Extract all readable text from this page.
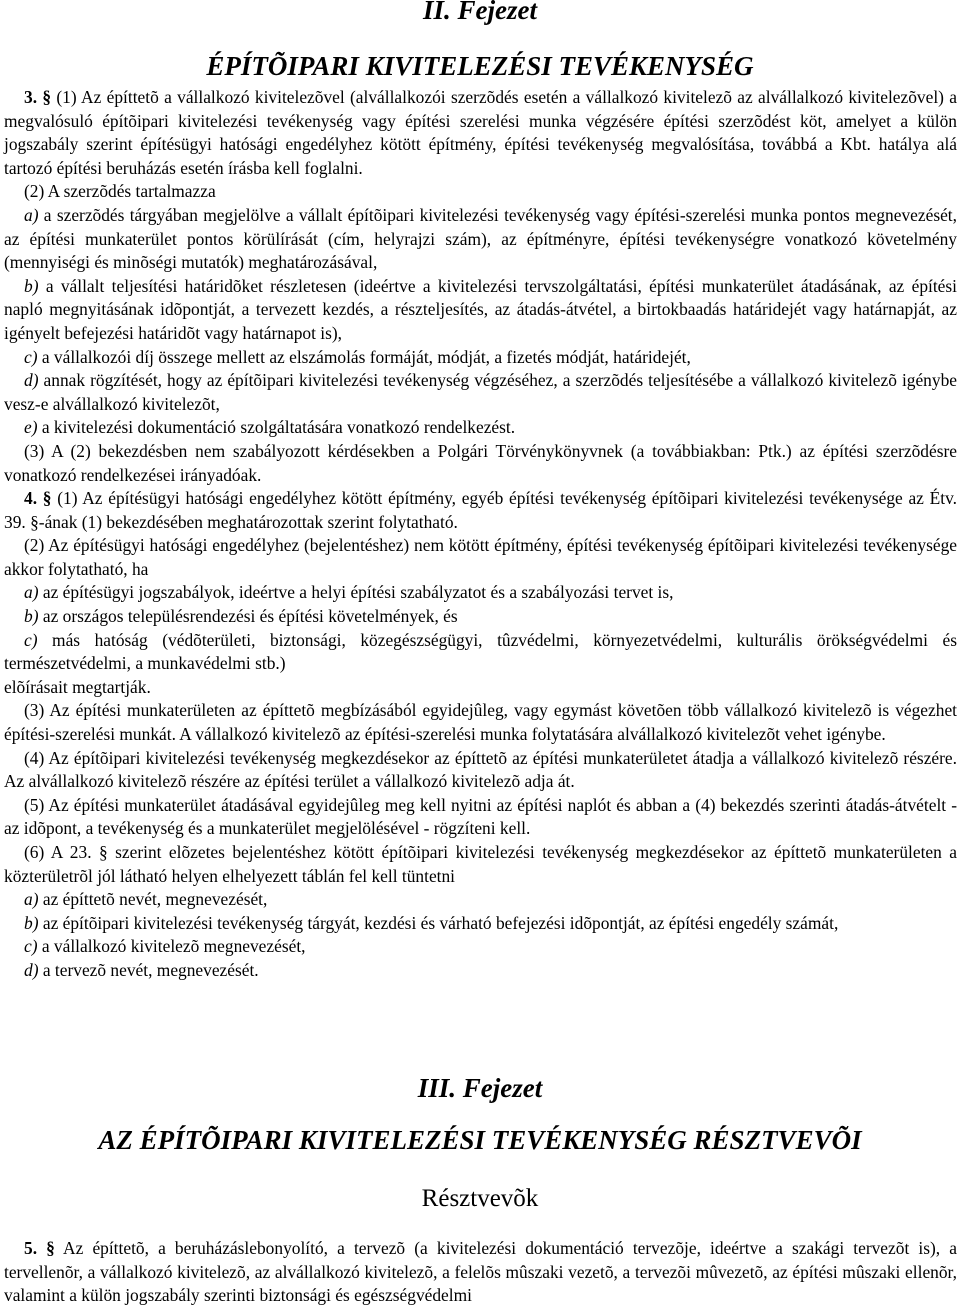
II. Fejezet
ÉPÍTÕIPARI KIVITELEZÉSI TEVÉKENYSÉG

3. § (1) Az építtetõ a vállalkozó kivitelezõvel (alvállalkozói szerzõdés esetén a vállalkozó kivitelezõ az alvállalkozó kivitelezõvel) a megvalósuló építõipari kivitelezési tevékenység vagy építési szerelési munka végzésére építési szerzõdést köt, amelyet a külön jogszabály szerint építésügyi hatósági engedélyhez kötött építmény, építési tevékenység megvalósítása, továbbá a Kbt. hatálya alá tartozó építési beruházás esetén írásba kell foglalni.

(2) A szerzõdés tartalmazza

a) a szerzõdés tárgyában megjelölve a vállalt építõipari kivitelezési tevékenység vagy építési-szerelési munka pontos megnevezését, az építési munkaterület pontos körülírását (cím, helyrajzi szám), az építményre, építési tevékenységre vonatkozó követelmény (mennyiségi és minõségi mutatók) meghatározásával,

b) a vállalt teljesítési határidõket részletesen (ideértve a kivitelezési tervszolgáltatási, építési munkaterület átadásának, az építési napló megnyitásának idõpontját, a tervezett kezdés, a részteljesítés, az átadás-átvétel, a birtokbaadás határidejét vagy határnapját, az igényelt befejezési határidõt vagy határnapot is),

c) a vállalkozói díj összege mellett az elszámolás formáját, módját, a fizetés módját, határidejét,

d) annak rögzítését, hogy az építõipari kivitelezési tevékenység végzéséhez, a szerzõdés teljesítésébe a vállalkozó kivitelezõ igénybe vesz-e alvállalkozó kivitelezõt,

e) a kivitelezési dokumentáció szolgáltatására vonatkozó rendelkezést.

(3) A (2) bekezdésben nem szabályozott kérdésekben a Polgári Törvénykönyvnek (a továbbiakban: Ptk.) az építési szerzõdésre vonatkozó rendelkezései irányadóak.

4. § (1) Az építésügyi hatósági engedélyhez kötött építmény, egyéb építési tevékenység építõipari kivitelezési tevékenysége az Étv. 39. §-ának (1) bekezdésében meghatározottak szerint folytatható.

(2) Az építésügyi hatósági engedélyhez (bejelentéshez) nem kötött építmény, építési tevékenység építõipari kivitelezési tevékenysége akkor folytatható, ha

a) az építésügyi jogszabályok, ideértve a helyi építési szabályzatot és a szabályozási tervet is,

b) az országos településrendezési és építési követelmények, és

c) más hatóság (védõterületi, biztonsági, közegészségügyi, tûzvédelmi, környezetvédelmi, kulturális örökségvédelmi és természetvédelmi, a munkavédelmi stb.)

elõírásait megtartják.

(3) Az építési munkaterületen az építtetõ megbízásából egyidejûleg, vagy egymást követõen több vállalkozó kivitelezõ is végezhet építési-szerelési munkát. A vállalkozó kivitelezõ az építési-szerelési munka folytatására alvállalkozó kivitelezõt vehet igénybe.

(4) Az építõipari kivitelezési tevékenység megkezdésekor az építtetõ az építési munkaterületet átadja a vállalkozó kivitelezõ részére. Az alvállalkozó kivitelezõ részére az építési terület a vállalkozó kivitelezõ adja át.

(5) Az építési munkaterület átadásával egyidejûleg meg kell nyitni az építési naplót és abban a (4) bekezdés szerinti átadás-átvételt - az idõpont, a tevékenység és a munkaterület megjelölésével - rögzíteni kell.

(6) A 23. § szerint elõzetes bejelentéshez kötött építõipari kivitelezési tevékenység megkezdésekor az építtetõ munkaterületen a közterületrõl jól látható helyen elhelyezett táblán fel kell tüntetni

a) az építtetõ nevét, megnevezését,

b) az építõipari kivitelezési tevékenység tárgyát, kezdési és várható befejezési idõpontját, az építési engedély számát,

c) a vállalkozó kivitelezõ megnevezését,

d) a tervezõ nevét, megnevezését.

III. Fejezet
AZ ÉPÍTÕIPARI KIVITELEZÉSI TEVÉKENYSÉG RÉSZTVEVÕI
Résztvevõk

5. § Az építtetõ, a beruházáslebonyolító, a tervezõ (a kivitelezési dokumentáció tervezõje, ideértve a szakági tervezõt is), a tervellenõr, a vállalkozó kivitelezõ, az alvállalkozó kivitelezõ, a felelõs mûszaki vezetõ, a tervezõi mûvezetõ, az építési mûszaki ellenõr, valamint a külön jogszabály szerinti biztonsági és egészségvédelmi
